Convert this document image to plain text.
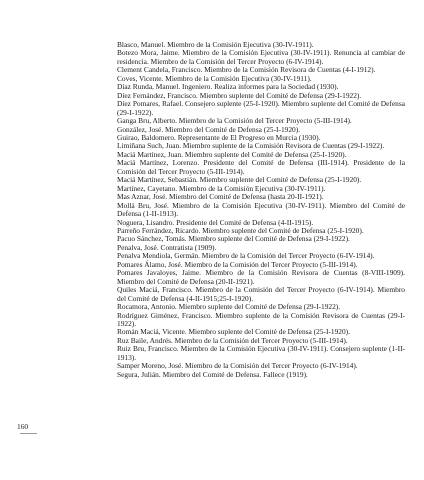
Blasco, Manuel. Miembro de la Comisión Ejecutiva (30-IV-1911).

Botezo Mora, Jaime. Miembro de la Comisión Ejecutiva (30-IV-1911). Renuncia al cambiar de residencia. Miembro de la Comisión del Tercer Proyecto (6-IV-1914).

Clement Candela, Francisco. Miembro de la Comisión Revisora de Cuentas (4-I-1912).

Coves, Vicente. Miembro de la Comisión Ejecutiva (30-IV-1911).

Díaz Runda, Manuel. Ingeniero. Realiza informes para la Sociedad (1930).

Díez Fernández, Francisco. Miembro suplente del Comité de Defensa (29-I-1922).

Díez Pomares, Rafael. Consejero suplente (25-I-1920). Miembro suplente del Comité de Defensa (29-I-1922).

Ganga Bru, Alberto. Miembro de la Comisión del Tercer Proyecto (5-III-1914).

González, José. Miembro del Comité de Defensa (25-I-1920).

Guirao, Baldomero. Representante de El Progreso en Murcia (1930).

Limiñana Such, Juan. Miembro suplente de la Comisión Revisora de Cuentas (29-I-1922).

Maciá Martínez, Juan. Miembro suplente del Comité de Defensa (25-I-1920).

Maciá Martínez, Lorenzo. Presidente del Comité de Defensa (III-1914). Presidente de la Comisión del Tercer Proyecto (5-III-1914).

Maciá Martínez, Sebastián. Miembro suplente del Comité de Defensa (25-I-1920).

Martínez, Cayetano. Miembro de la Comisión Ejecutiva (30-IV-1911).

Mas Aznar, José. Miembro del Comité de Defensa (hasta 20-II-1921).

Mollá Bru, José. Miembro de la Comisión Ejecutiva (30-IV-1911). Miembro del Comité de Defensa (1-II-1913).

Noguera, Lisandro. Presidente del Comité de Defensa (4-II-1915).

Parreño Ferrández, Ricardo. Miembro suplente del Comité de Defensa (25-I-1920).

Pacuo Sánchez, Tomás. Miembro suplente del Comité de Defensa (29-I-1922).

Penalva, José. Contratista (1909).

Penalva Mendiola, Germán. Miembro de la Comisión del Tercer Proyecto (6-IV-1914).

Pomares Álamo, José. Miembro de la Comisión del Tercer Proyecto (5-III-1914).

Pomares Javaloyes, Jaime. Miembro de la Comisión Revisora de Cuentas (8-VIII-1909). Miembro del Comité de Defensa (20-II-1921).

Quiles Maciá, Francisco. Miembro de la Comisión del Tercer Proyecto (6-IV-1914). Miembro del Comité de Defensa (4-II-1915;25-I-1920).

Rocamora, Antonio. Miembro suplente del Comité de Defensa (29-I-1922).

Rodríguez Giménez, Francisco. Miembro suplente de la Comisión Revisora de Cuentas (29-I-1922).

Román Maciá, Vicente. Miembro suplente del Comité de Defensa (25-I-1920).

Ruz Baile, Andrés. Miembro de la Comisión del Tercer Proyecto (5-III-1914).

Ruiz Bru, Francisco. Miembro de la Comisión Ejecutiva (30-IV-1911). Consejero suplente (1-II-1913).

Samper Moreno, José. Miembro de la Comisión del Tercer Proyecto (6-IV-1914).

Segura, Julián. Miembro del Comité de Defensa. Fallece (1919).

160
